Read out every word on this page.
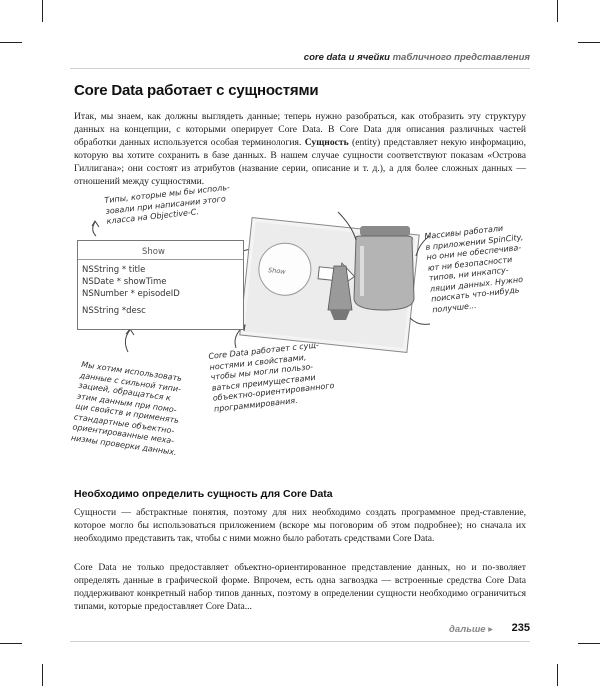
core data и ячейки табличного представления
Core Data работает с сущностями
Итак, мы знаем, как должны выглядеть данные; теперь нужно разобраться, как отобразить эту структуру данных на концепции, с которыми оперирует Core Data. В Core Data для описания различных частей обработки данных используется особая терминология. Сущность (entity) представляет некую информацию, которую вы хотите сохранить в базе данных. В нашем случае сущности соответствуют показам «Острова Гиллигана»; они состоят из атрибутов (название серии, описание и т. д.), а для более сложных данных — отношений между сущностями.
Типы, которые мы бы исполь-
зовали при написании этого
класса на Objective-C.
Show
NSString * title
NSDate * showTime
NSNumber * episodeID
NSString *desc
Show
Массивы работали
в приложении SpinCity,
но они не обеспечива-
ют ни безопасности
типов, ни инкапсу-
ляции данных. Нужно
поискать что-нибудь
получше...
Мы хотим использовать
данные с сильной типи-
зацией, обращаться к
этим данным при помо-
щи свойств и применять
стандартные объектно-
ориентированные меха-
низмы проверки данных.
Core Data работает с сущ-
ностями и свойствами,
чтобы мы могли пользо-
ваться преимуществами
объектно-ориентированного
программирования.
Необходимо определить сущность для Core Data
Сущности — абстрактные понятия, поэтому для них необходимо создать программное пред-ставление, которое могло бы использоваться приложением (вскоре мы поговорим об этом подробнее); но сначала их необходимо представить так, чтобы с ними можно было работать средствами Core Data.
Core Data не только предоставляет объектно-ориентированное представление данных, но и по-зволяет определять данные в графической форме. Впрочем, есть одна загвоздка — встроенные средства Core Data поддерживают конкретный набор типов данных, поэтому в определении сущности необходимо ограничиться типами, которые предоставляет Core Data...
дальше ▸ 235
